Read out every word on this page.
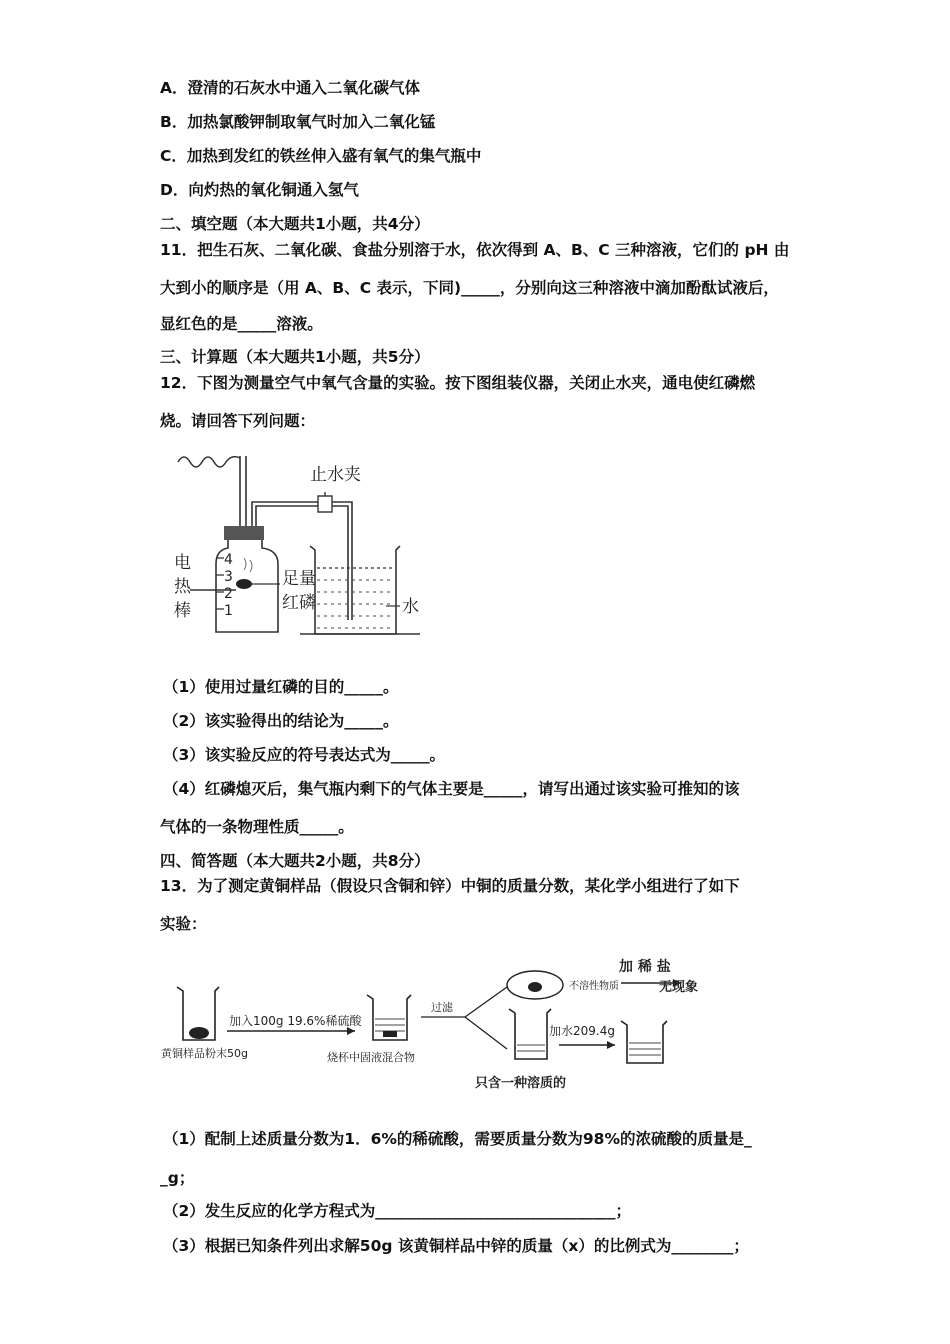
A．澄清的石灰水中通入二氧化碳气体
B．加热氯酸钾制取氧气时加入二氧化锰
C．加热到发红的铁丝伸入盛有氧气的集气瓶中
D．向灼热的氧化铜通入氢气
二、填空题（本大题共1小题，共4分）
11．把生石灰、二氧化碳、食盐分别溶于水，依次得到 A、B、C 三种溶液，它们的 pH 由
大到小的顺序是（用 A、B、C 表示，下同)_____，分别向这三种溶液中滴加酚酞试液后，
显红色的是_____溶液。
三、计算题（本大题共1小题，共5分）
12．下图为测量空气中氧气含量的实验。按下图组装仪器，关闭止水夹，通电使红磷燃
烧。请回答下列问题：
止水夹
4
3
2
1
电
热
棒
足量
红磷	水
（1）使用过量红磷的目的_____。
（2）该实验得出的结论为_____。
（3）该实验反应的符号表达式为_____。
（4）红磷熄灭后，集气瓶内剩下的气体主要是_____，请写出通过该实验可推知的该
气体的一条物理性质_____。
四、简答题（本大题共2小题，共8分）
13．为了测定黄铜样品（假设只含铜和锌）中铜的质量分数，某化学小组进行了如下
实验：
黄铜样品粉末50g
加入100g 19.6%稀硫酸
烧杯中固液混合物
过滤
不溶性物质
加 稀 盐
无现象
加水209.4g
只含一种溶质的
（1）配制上述质量分数为1．6%的稀硫酸，需要质量分数为98%的浓硫酸的质量是_
_g；
（2）发生反应的化学方程式为_______________________________；
（3）根据已知条件列出求解50g 该黄铜样品中锌的质量（x）的比例式为________；
